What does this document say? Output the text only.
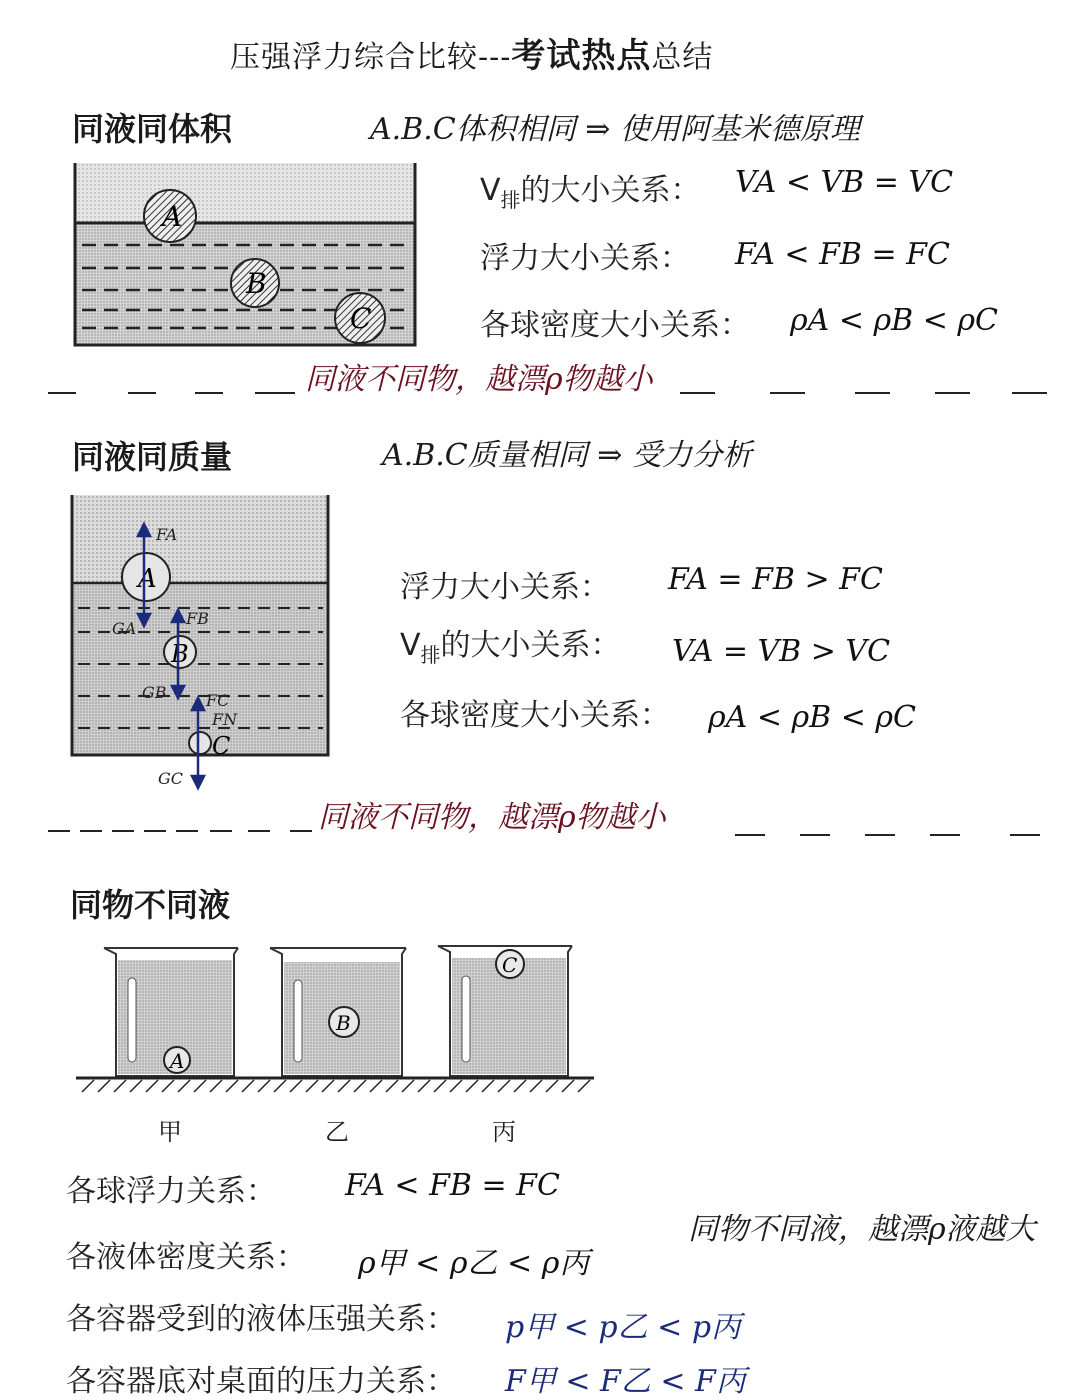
压强浮力综合比较---考试热点总结
同液同体积	A.B.C体积相同 ⇒ 使用阿基米德原理
A
B
C
$V_排$的大小关系： VA < VB = VC
浮力大小关系： FA < FB = FC
各球密度大小关系： ρA < ρB < ρC
同液不同物，越漂ρ物越小
同液同质量	A.B.C质量相同 ⇒ 受力分析
A
B
C
FA
GA
FB
GB FC
FN
GC
浮力大小关系： FA = FB > FC
$V_排$的大小关系： VA = VB > VC
各球密度大小关系： ρA < ρB < ρC
同液不同物，越漂ρ物越小
同物不同液
A
B
C
甲	乙	丙
各球浮力关系： FA < FB = FC
各液体密度关系： ρ甲 < ρ乙 < ρ丙
各容器受到的液体压强关系： p甲 < p乙 < p丙
各容器底对桌面的压力关系： F甲 < F乙 < F丙
同物不同液，越漂ρ液越大
